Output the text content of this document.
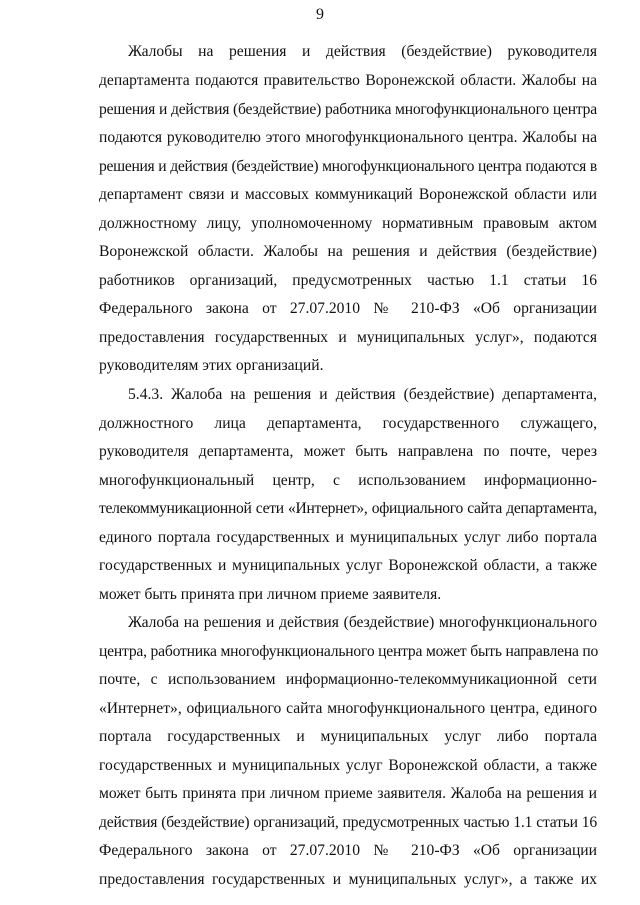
9
Жалобы на решения и действия (бездействие) руководителя
департамента подаются правительство Воронежской области. Жалобы на
решения и действия (бездействие) работника многофункционального центра
подаются руководителю этого многофункционального центра. Жалобы на
решения и действия (бездействие) многофункционального центра подаются в
департамент связи и массовых коммуникаций Воронежской области или
должностному лицу, уполномоченному нормативным правовым актом
Воронежской области. Жалобы на решения и действия (бездействие)
работников организаций, предусмотренных частью 1.1 статьи 16
Федерального закона от 27.07.2010 № 210-ФЗ «Об организации
предоставления государственных и муниципальных услуг», подаются
руководителям этих организаций.
5.4.3. Жалоба на решения и действия (бездействие) департамента,
должностного лица департамента, государственного служащего,
руководителя департамента, может быть направлена по почте, через
многофункциональный центр, с использованием информационно-
телекоммуникационной сети «Интернет», официального сайта департамента,
единого портала государственных и муниципальных услуг либо портала
государственных и муниципальных услуг Воронежской области, а также
может быть принята при личном приеме заявителя.
Жалоба на решения и действия (бездействие) многофункционального
центра, работника многофункционального центра может быть направлена по
почте, с использованием информационно-телекоммуникационной сети
«Интернет», официального сайта многофункционального центра, единого
портала государственных и муниципальных услуг либо портала
государственных и муниципальных услуг Воронежской области, а также
может быть принята при личном приеме заявителя. Жалоба на решения и
действия (бездействие) организаций, предусмотренных частью 1.1 статьи 16
Федерального закона от 27.07.2010 № 210-ФЗ «Об организации
предоставления государственных и муниципальных услуг», а также их
